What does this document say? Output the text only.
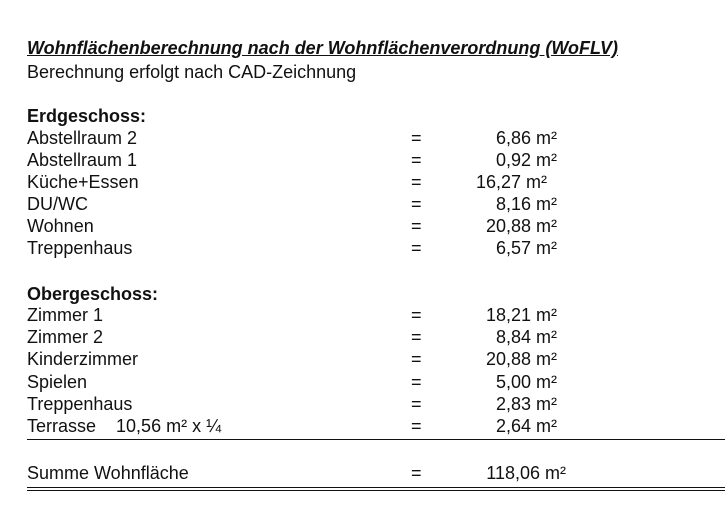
Wohnflächenberechnung nach der Wohnflächenverordnung (WoFLV)
Berechnung erfolgt nach CAD-Zeichnung
Erdgeschoss:
Abstellraum 2	=	6,86 m²
Abstellraum 1	=	0,92 m²
Küche+Essen	=	16,27 m²
DU/WC	=	8,16 m²
Wohnen	=	20,88 m²
Treppenhaus	=	6,57 m²
Obergeschoss:
Zimmer 1	=	18,21 m²
Zimmer 2	=	8,84 m²
Kinderzimmer	=	20,88 m²
Spielen	=	5,00 m²
Treppenhaus	=	2,83 m²
Terrasse 10,56 m² x ¼	=	2,64 m²
Summe Wohnfläche	=	118,06 m²
